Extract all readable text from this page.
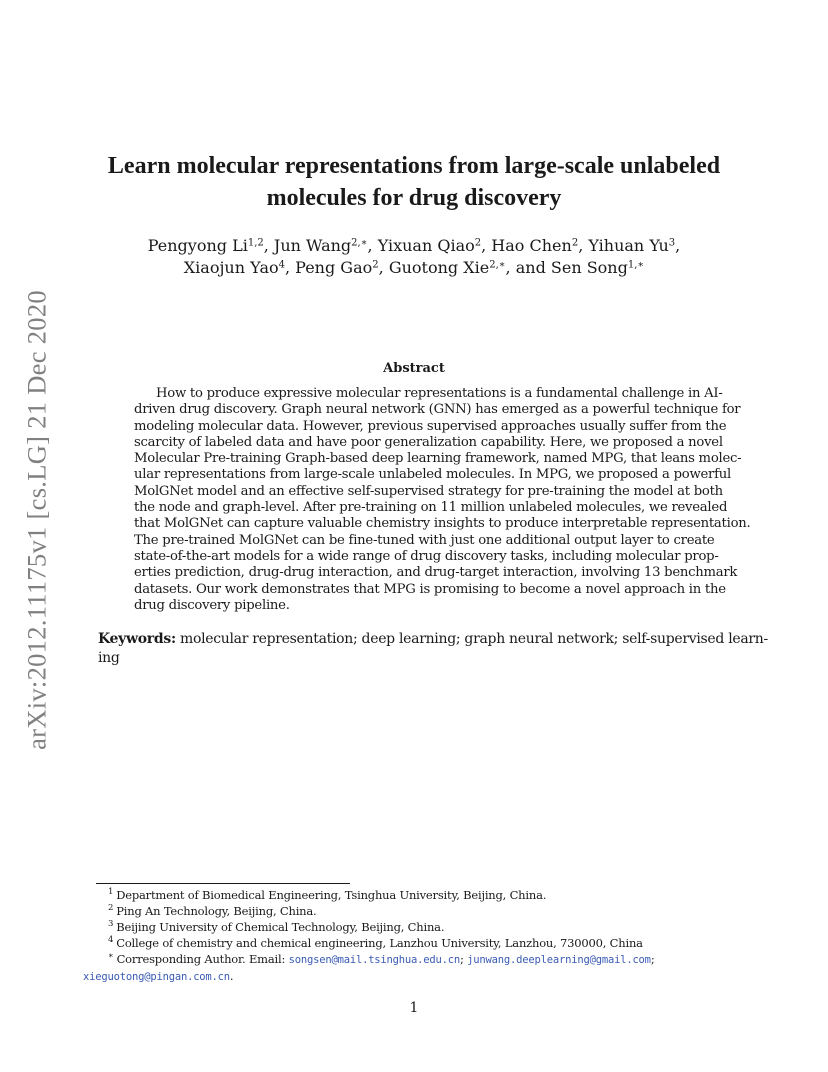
arXiv:2012.11175v1 [cs.LG] 21 Dec 2020
Learn molecular representations from large-scale unlabeled
molecules for drug discovery
Pengyong Li$^{1,2}$, Jun Wang$^{2,∗}$, Yixuan Qiao$^2$, Hao Chen$^2$, Yihuan Yu$^3$,
Xiaojun Yao$^4$, Peng Gao$^2$, Guotong Xie$^{2,∗}$, and Sen Song$^{1,∗}$
Abstract
How to produce expressive molecular representations is a fundamental challenge in AI-
driven drug discovery. Graph neural network (GNN) has emerged as a powerful technique for
modeling molecular data. However, previous supervised approaches usually suffer from the
scarcity of labeled data and have poor generalization capability. Here, we proposed a novel
Molecular Pre-training Graph-based deep learning framework, named MPG, that leans molec-
ular representations from large-scale unlabeled molecules. In MPG, we proposed a powerful
MolGNet model and an effective self-supervised strategy for pre-training the model at both
the node and graph-level. After pre-training on 11 million unlabeled molecules, we revealed
that MolGNet can capture valuable chemistry insights to produce interpretable representation.
The pre-trained MolGNet can be fine-tuned with just one additional output layer to create
state-of-the-art models for a wide range of drug discovery tasks, including molecular prop-
erties prediction, drug-drug interaction, and drug-target interaction, involving 13 benchmark
datasets. Our work demonstrates that MPG is promising to become a novel approach in the
drug discovery pipeline.
Keywords: molecular representation; deep learning; graph neural network; self-supervised learn-
ing
$^1$ Department of Biomedical Engineering, Tsinghua University, Beijing, China.
$^2$ Ping An Technology, Beijing, China.
$^3$ Beijing University of Chemical Technology, Beijing, China.
$^4$ College of chemistry and chemical engineering, Lanzhou University, Lanzhou, 730000, China
∗ Corresponding Author. Email: songsen@mail.tsinghua.edu.cn; junwang.deeplearning@gmail.com;
xieguotong@pingan.com.cn.
1
